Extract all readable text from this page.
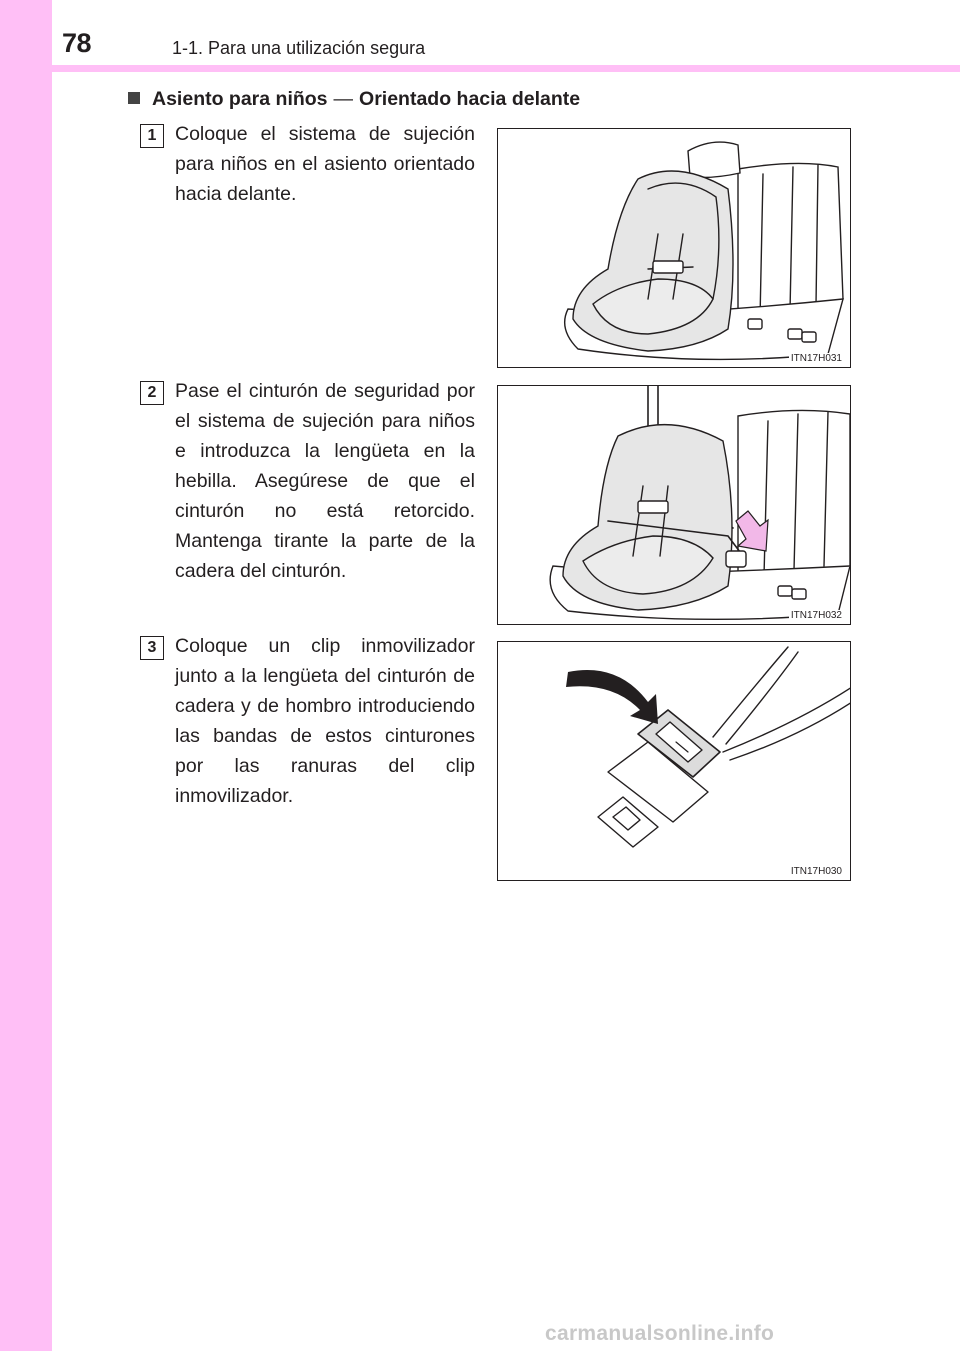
78	1-1. Para una utilización segura
Asiento para niños — Orientado hacia delante
1 Coloque el sistema de sujeción para niños en el asiento orientado hacia delante.
ITN17H031
2 Pase el cinturón de seguridad por el sistema de sujeción para niños e introduzca la lengüeta en la hebilla. Asegúrese de que el cinturón no está retorcido. Mantenga tirante la parte de la cadera del cinturón.
ITN17H032
3 Coloque un clip inmovilizador junto a la lengüeta del cinturón de cadera y de hombro introduciendo las bandas de estos cinturones por las ranuras del clip inmovilizador.
ITN17H030
carmanualsonline.info
